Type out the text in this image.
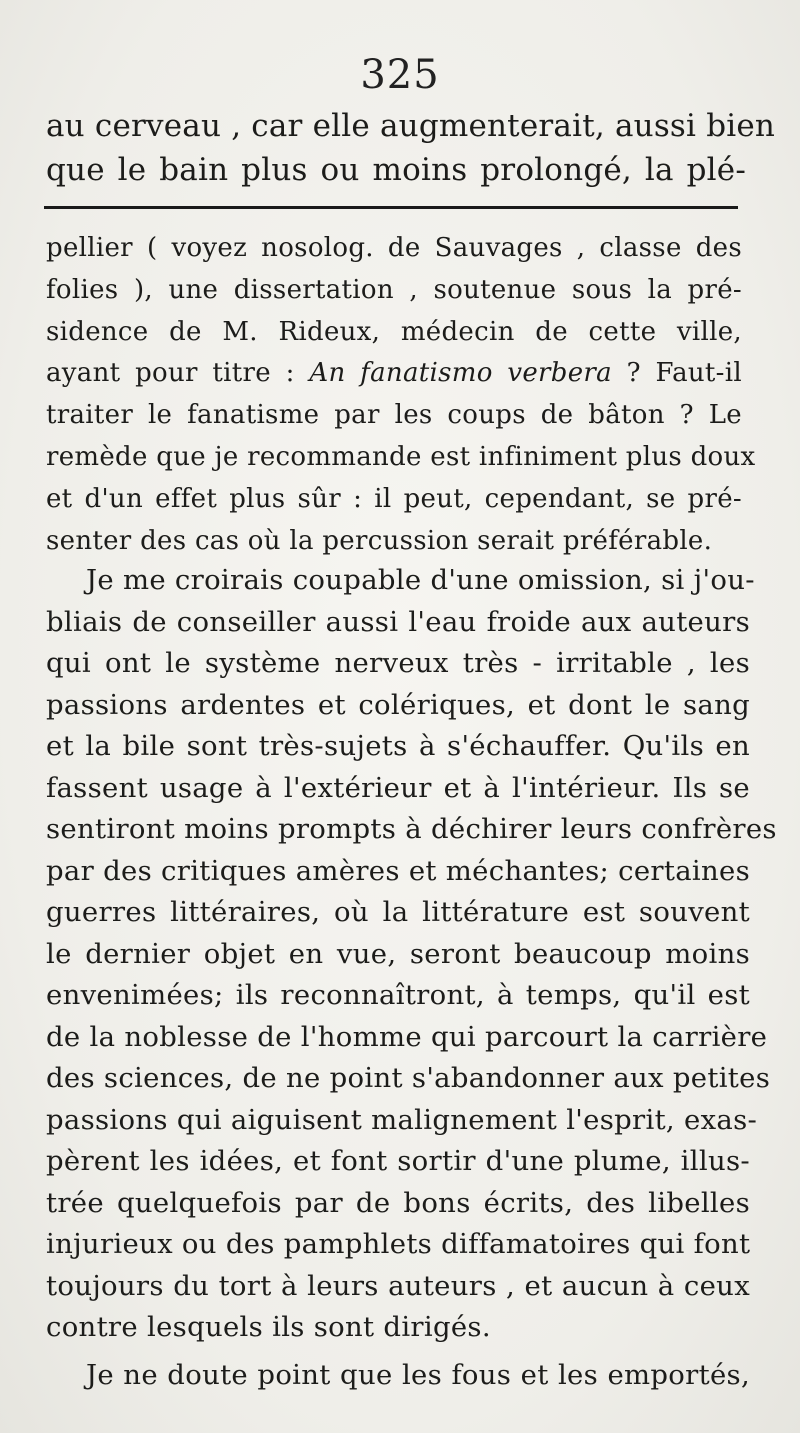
325
au cerveau , car elle augmenterait, aussi bien
que le bain plus ou moins prolongé, la plé-
pellier ( voyez nosolog. de Sauvages , classe des
folies ), une dissertation , soutenue sous la pré-
sidence de M. Rideux, médecin de cette ville,
ayant pour titre : An fanatismo verbera ? Faut-il
traiter le fanatisme par les coups de bâton ? Le
remède que je recommande est infiniment plus doux
et d'un effet plus sûr : il peut, cependant, se pré-
senter des cas où la percussion serait préférable.
Je me croirais coupable d'une omission, si j'ou-
bliais de conseiller aussi l'eau froide aux auteurs
qui ont le système nerveux très - irritable , les
passions ardentes et colériques, et dont le sang
et la bile sont très-sujets à s'échauffer. Qu'ils en
fassent usage à l'extérieur et à l'intérieur. Ils se
sentiront moins prompts à déchirer leurs confrères
par des critiques amères et méchantes; certaines
guerres littéraires, où la littérature est souvent
le dernier objet en vue, seront beaucoup moins
envenimées; ils reconnaîtront, à temps, qu'il est
de la noblesse de l'homme qui parcourt la carrière
des sciences, de ne point s'abandonner aux petites
passions qui aiguisent malignement l'esprit, exas-
pèrent les idées, et font sortir d'une plume, illus-
trée quelquefois par de bons écrits, des libelles
injurieux ou des pamphlets diffamatoires qui font
toujours du tort à leurs auteurs , et aucun à ceux
contre lesquels ils sont dirigés.
Je ne doute point que les fous et les emportés,
